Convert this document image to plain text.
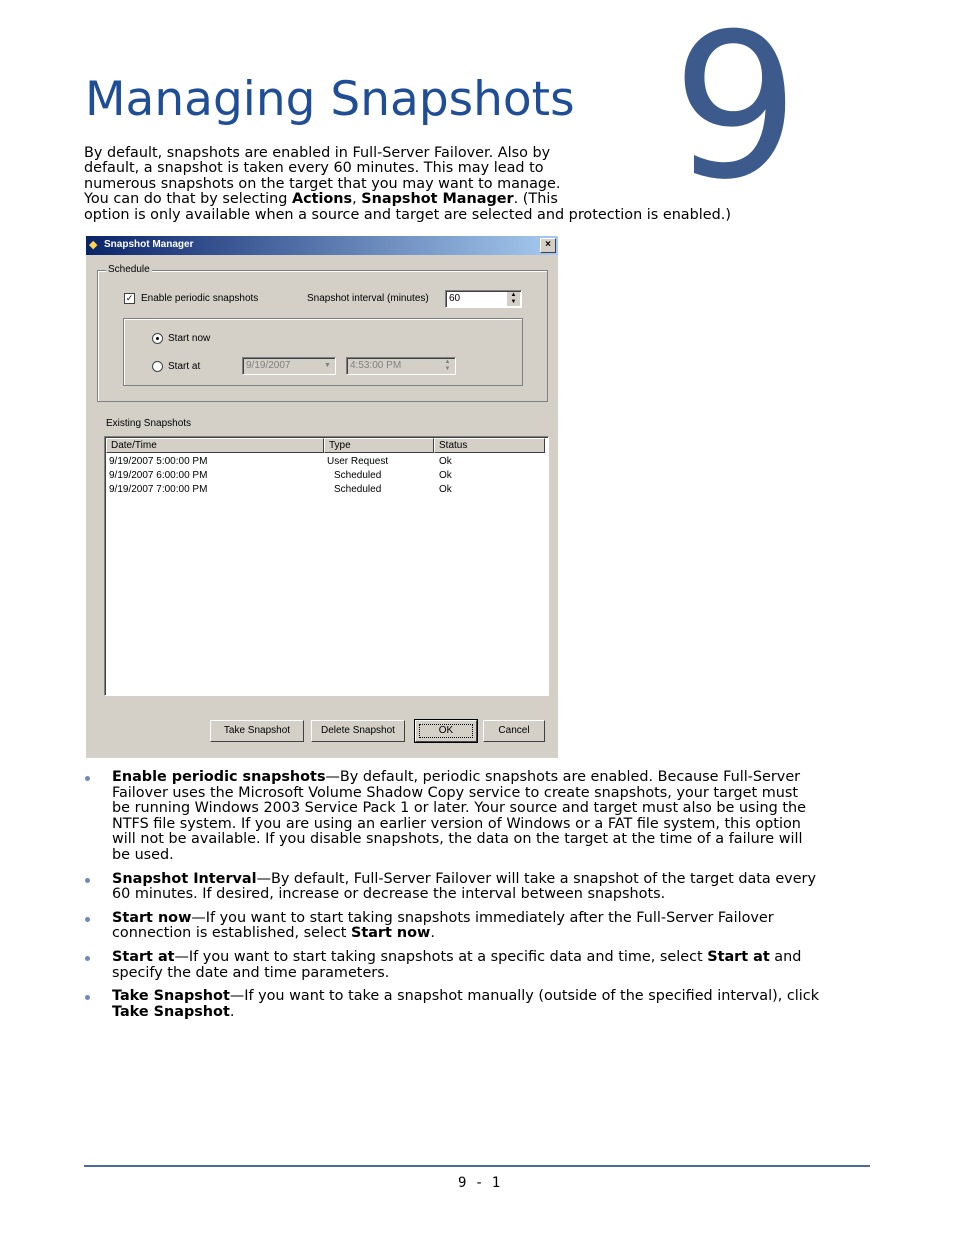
9
Managing Snapshots

By default, snapshots are enabled in Full-Server Failover. Also by
default, a snapshot is taken every 60 minutes. This may lead to
numerous snapshots on the target that you may want to manage.
You can do that by selecting Actions, Snapshot Manager. (This
option is only available when a source and target are selected and protection is enabled.)

◆ Snapshot Manager	×
Schedule
✓ Enable periodic snapshots	Snapshot interval (minutes) 60	▲
▼
Start now
Start at	9/19/2007	▼	4:53:00 PM	▲
▼
Existing Snapshots
Date/Time	Type	Status
9/19/2007 5:00:00 PM	User Request	Ok
9/19/2007 6:00:00 PM	Scheduled	Ok
9/19/2007 7:00:00 PM	Scheduled	Ok
Take Snapshot	Delete Snapshot	OK	Cancel
Enable periodic snapshots—By default, periodic snapshots are enabled. Because Full-Server
Failover uses the Microsoft Volume Shadow Copy service to create snapshots, your target must
be running Windows 2003 Service Pack 1 or later. Your source and target must also be using the
NTFS file system. If you are using an earlier version of Windows or a FAT file system, this option
will not be available. If you disable snapshots, the data on the target at the time of a failure will
be used.
Snapshot Interval—By default, Full-Server Failover will take a snapshot of the target data every
60 minutes. If desired, increase or decrease the interval between snapshots.
Start now—If you want to start taking snapshots immediately after the Full-Server Failover
connection is established, select Start now.
Start at—If you want to start taking snapshots at a specific data and time, select Start at and
specify the date and time parameters.
Take Snapshot—If you want to take a snapshot manually (outside of the specified interval), click
Take Snapshot.
9 - 1
